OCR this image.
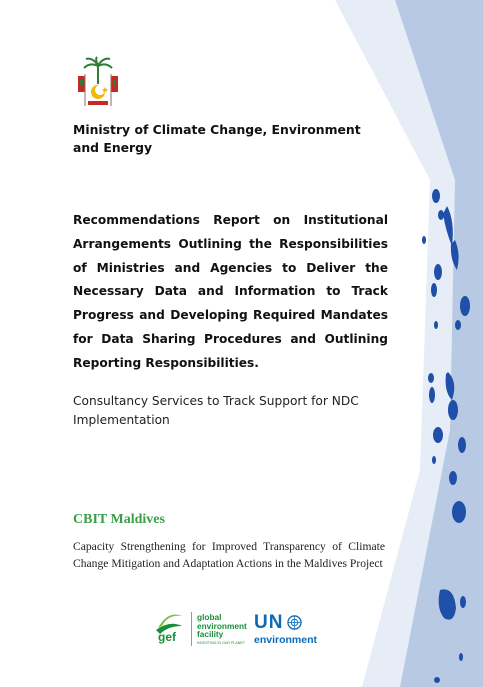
Ministry of Climate Change, Environment
and Energy
Recommendations Report on Institutional Arrangements Outlining the Responsibilities of Ministries and Agencies to Deliver the Necessary Data and Information to Track Progress and Developing Required Mandates for Data Sharing Procedures and Outlining Reporting Responsibilities.
Consultancy Services to Track Support for NDC
Implementation
CBIT Maldives
Capacity Strengthening for Improved Transparency of Climate Change Mitigation and Adaptation Actions in the Maldives Project
gef
global
environment
facility
INVESTING IN OUR PLANET
UN
environment
